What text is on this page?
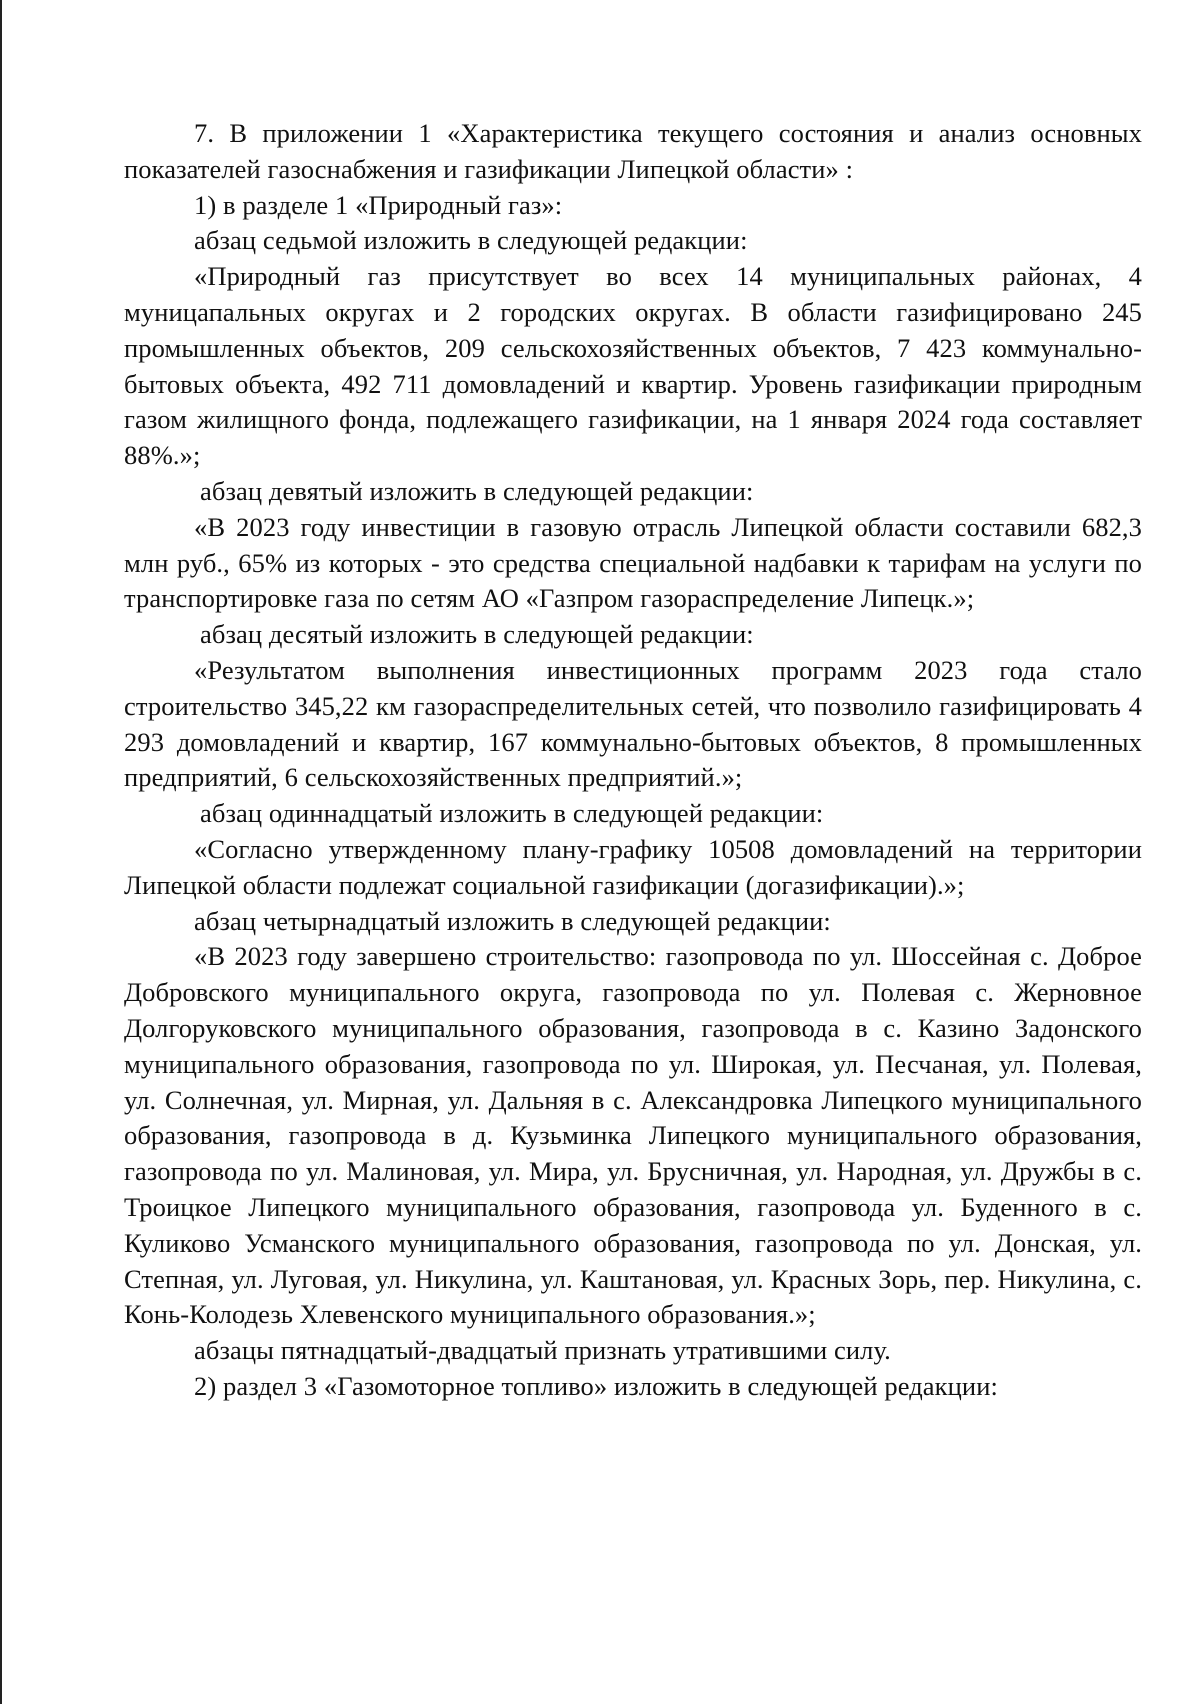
7. В приложении 1 «Характеристика текущего состояния и анализ основных показателей газоснабжения и газификации Липецкой области» :

1) в разделе 1 «Природный газ»:

абзац седьмой изложить в следующей редакции:

«Природный газ присутствует во всех 14 муниципальных районах, 4 муницапальных округах и 2 городских округах. В области газифицировано 245 промышленных объектов, 209 сельскохозяйственных объектов, 7 423 коммунально-бытовых объекта, 492 711 домовладений и квартир. Уровень газификации природным газом жилищного фонда, подлежащего газификации, на 1 января 2024 года составляет 88%.»;

абзац девятый изложить в следующей редакции:

«В 2023 году инвестиции в газовую отрасль Липецкой области составили 682,3 млн руб., 65% из которых - это средства специальной надбавки к тарифам на услуги по транспортировке газа по сетям АО «Газпром газораспределение Липецк.»;

абзац десятый изложить в следующей редакции:

«Результатом выполнения инвестиционных программ 2023 года стало строительство 345,22 км газораспределительных сетей, что позволило газифицировать 4 293 домовладений и квартир, 167 коммунально-бытовых объектов, 8 промышленных предприятий, 6 сельскохозяйственных предприятий.»;

абзац одиннадцатый изложить в следующей редакции:

«Согласно утвержденному плану-графику 10508 домовладений на территории Липецкой области подлежат социальной газификации (догазификации).»;

абзац четырнадцатый изложить в следующей редакции:

«В 2023 году завершено строительство: газопровода по ул. Шоссейная с. Доброе Добровского муниципального округа, газопровода по ул. Полевая с. Жерновное Долгоруковского муниципального образования, газопровода в с. Казино Задонского муниципального образования, газопровода по ул. Широкая, ул. Песчаная, ул. Полевая, ул. Солнечная, ул. Мирная, ул. Дальняя в с. Александровка Липецкого муниципального образования, газопровода в д. Кузьминка Липецкого муниципального образования, газопровода по ул. Малиновая, ул. Мира, ул. Брусничная, ул. Народная, ул. Дружбы в с. Троицкое Липецкого муниципального образования, газопровода ул. Буденного в с. Куликово Усманского муниципального образования, газопровода по ул. Донская, ул. Степная, ул. Луговая, ул. Никулина, ул. Каштановая, ул. Красных Зорь, пер. Никулина, с. Конь-Колодезь Хлевенского муниципального образования.»;

абзацы пятнадцатый-двадцатый признать утратившими силу.

2) раздел 3 «Газомоторное топливо» изложить в следующей редакции:
